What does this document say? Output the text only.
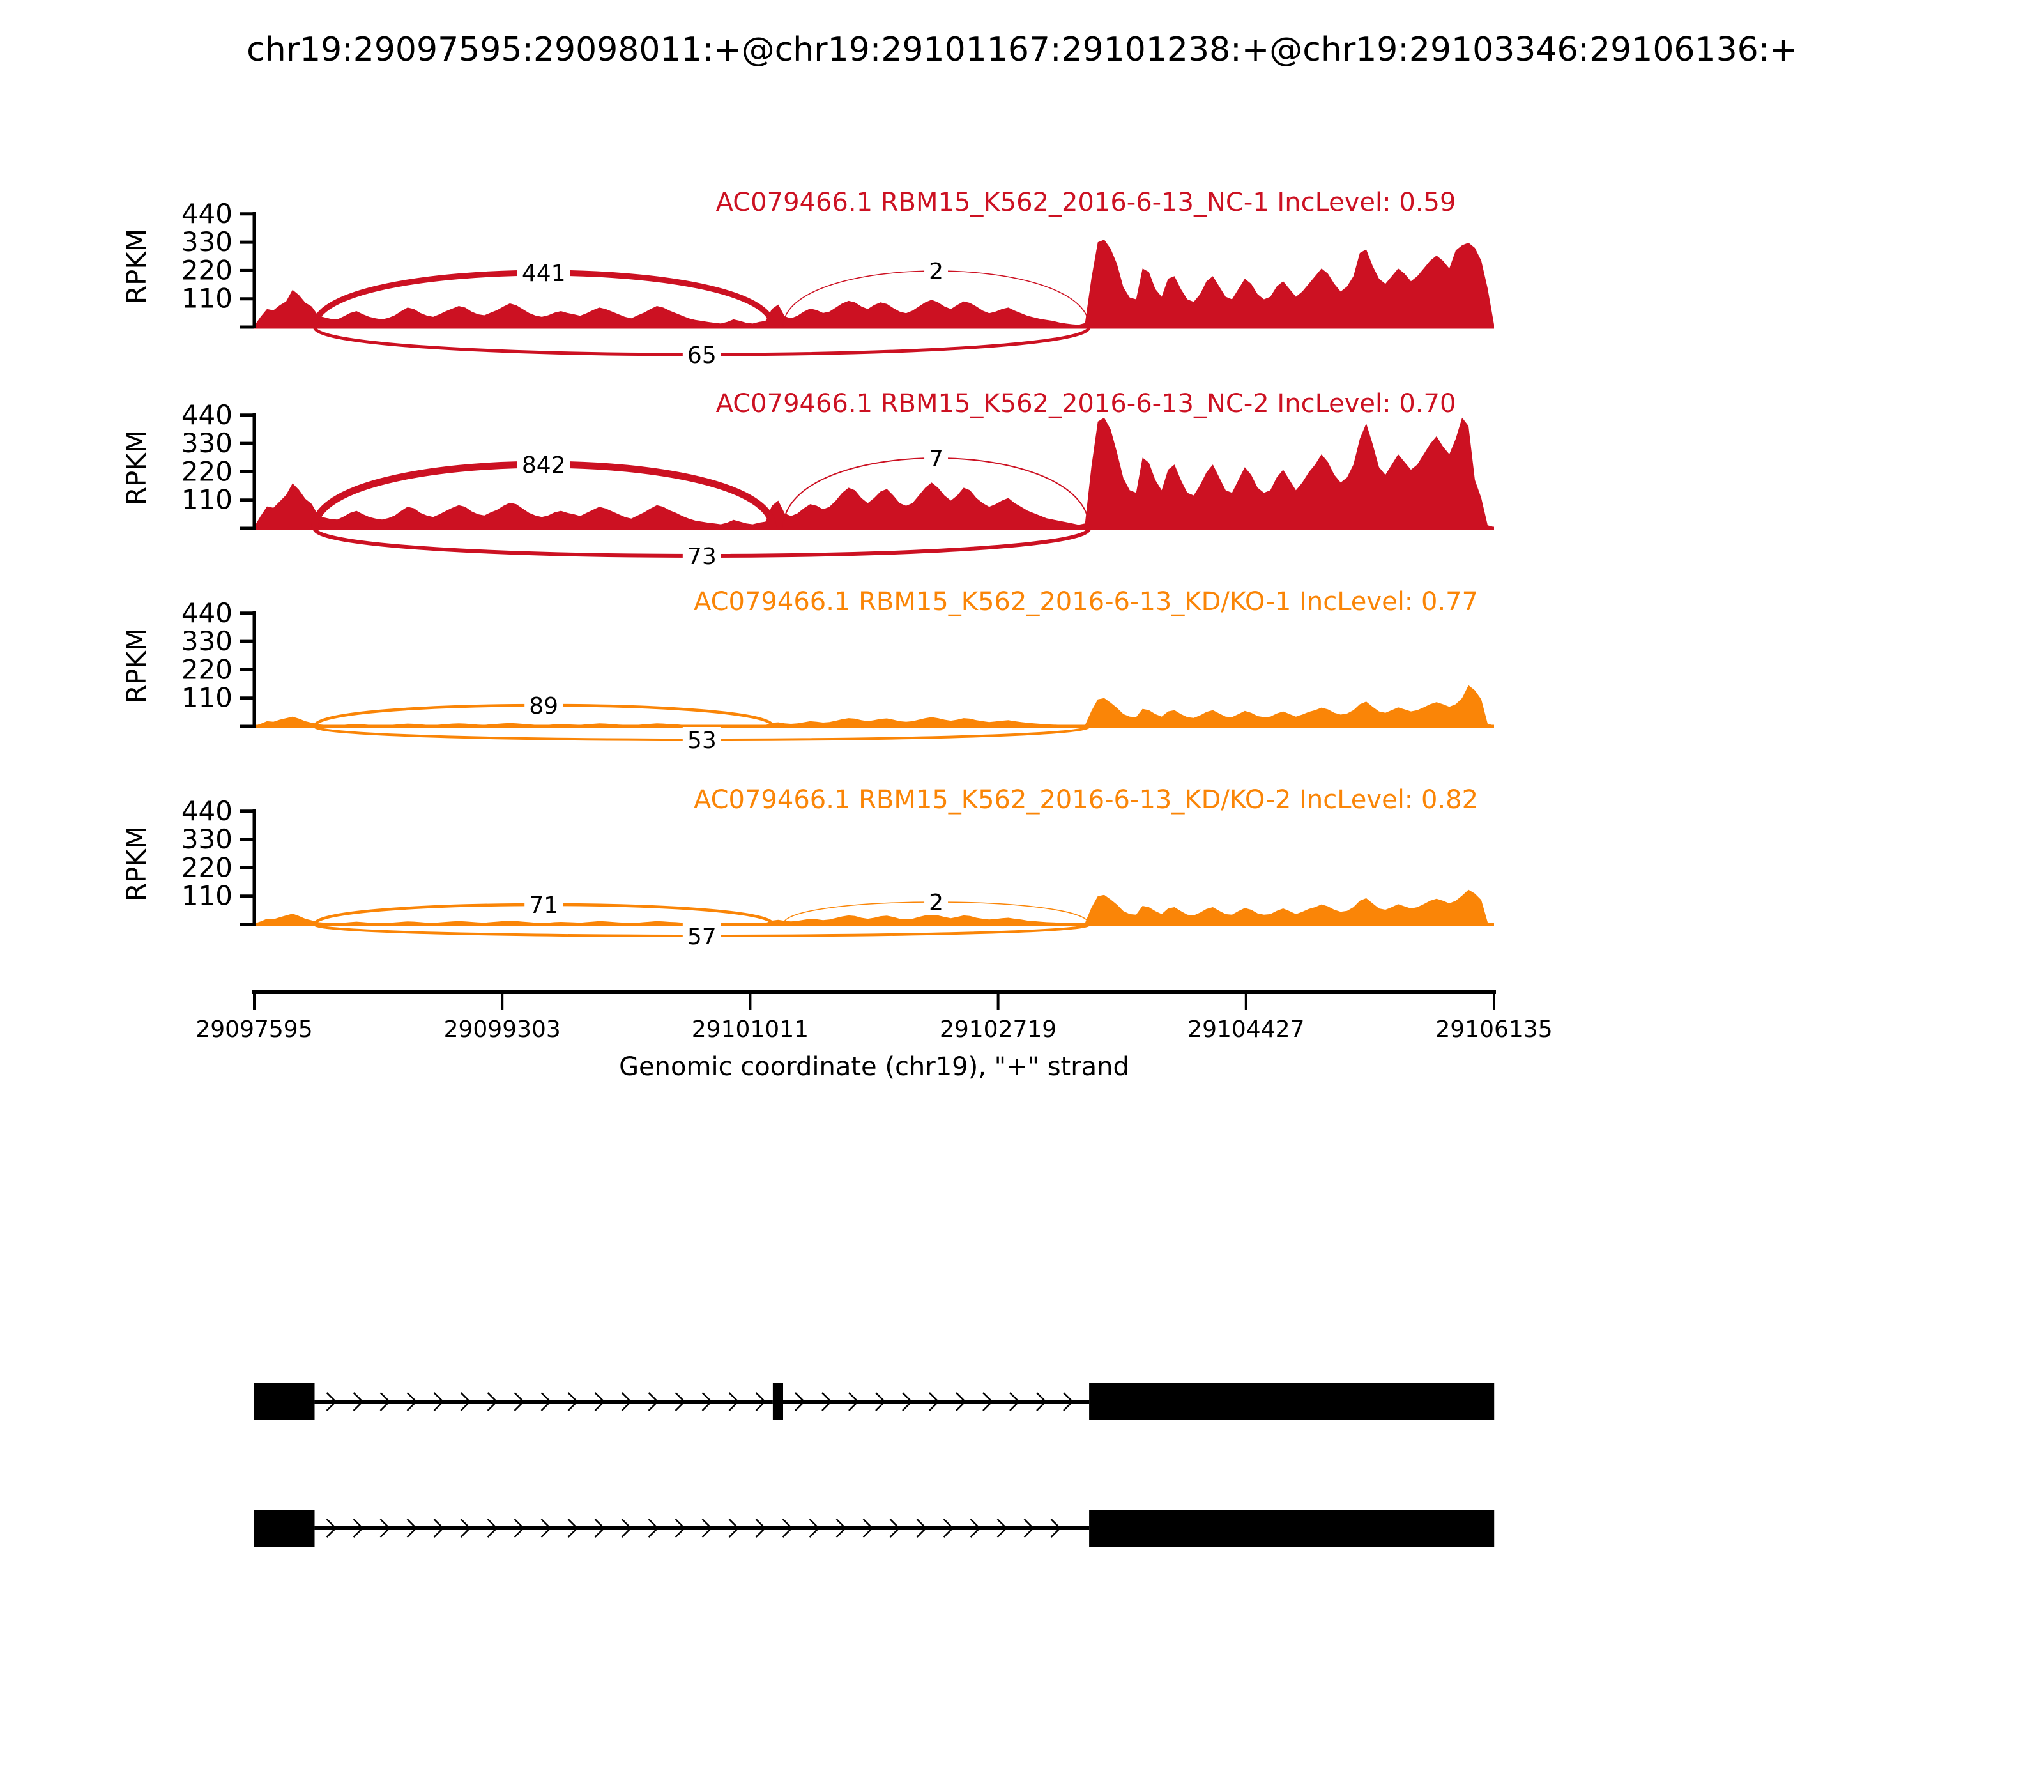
chr19:29097595:29098011:+@chr19:29101167:29101238:+@chr19:29103346:29106136:+
441	2
65
110
220
330
440
RPKM
AC079466.1 RBM15_K562_2016-6-13_NC-1 IncLevel: 0.59
842	7
73
110
220
330
440
RPKM
AC079466.1 RBM15_K562_2016-6-13_NC-2 IncLevel: 0.70
89
53
110
220
330
440
RPKM
AC079466.1 RBM15_K562_2016-6-13_KD/KO-1 IncLevel: 0.77
71	2
57
110
220
330
440
RPKM
AC079466.1 RBM15_K562_2016-6-13_KD/KO-2 IncLevel: 0.82
29097595	29099303	29101011	29102719	29104427	29106135
Genomic coordinate (chr19), "+" strand
